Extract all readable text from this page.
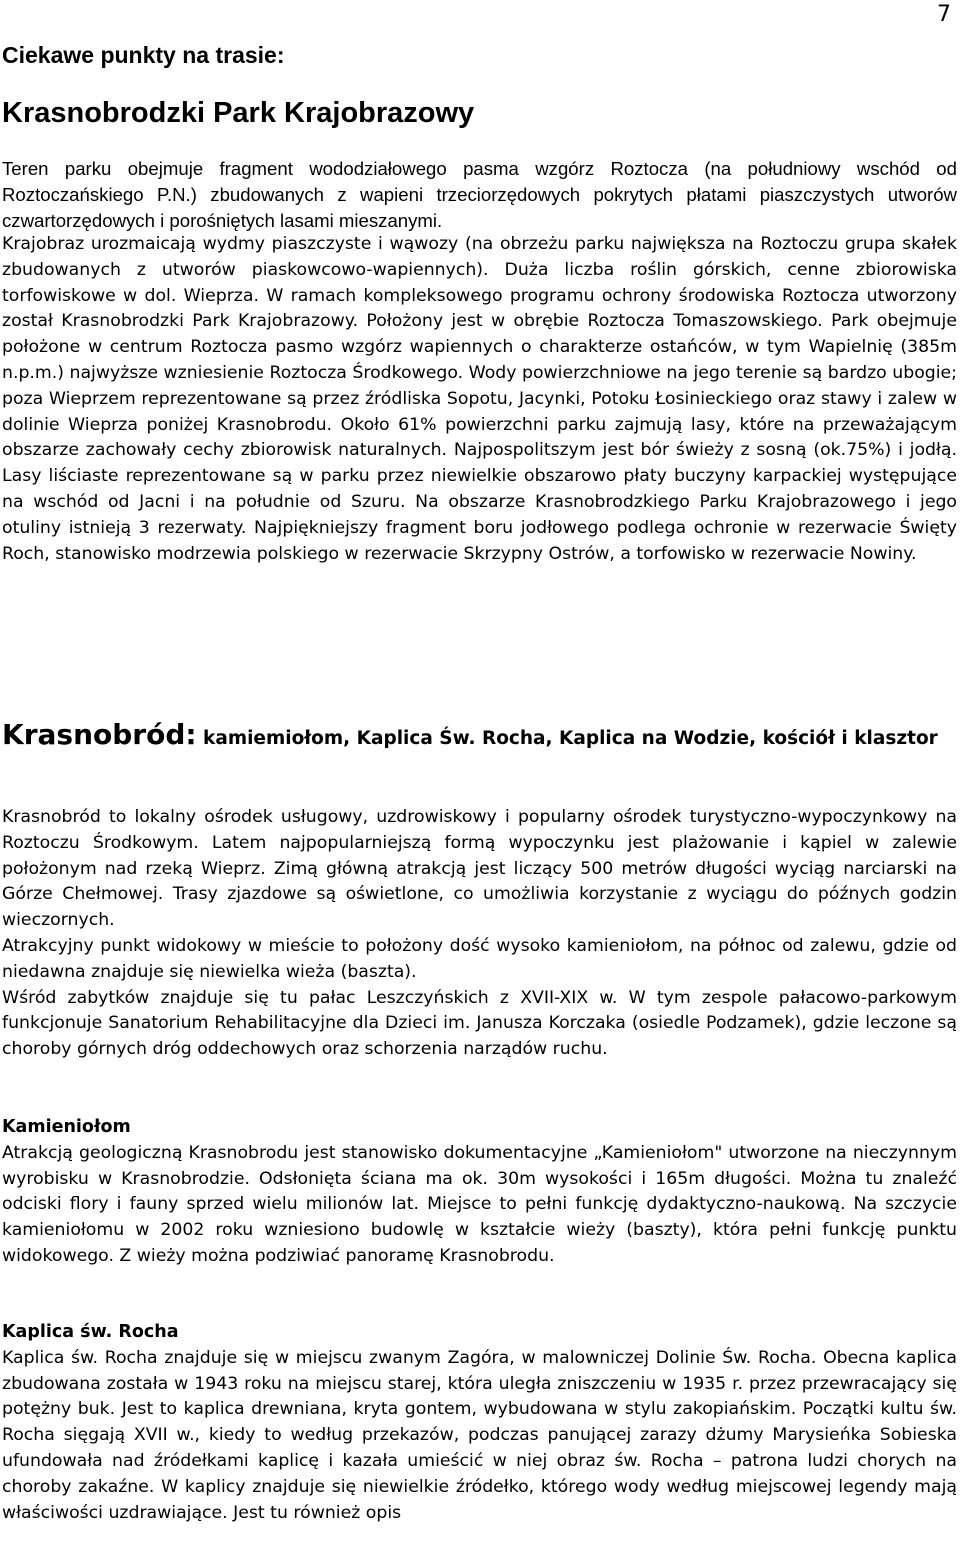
7
Ciekawe punkty na trasie:
Krasnobrodzki Park Krajobrazowy

Teren parku obejmuje fragment wododziałowego pasma wzgórz Roztocza (na południowy wschód od Roztoczańskiego P.N.) zbudowanych z wapieni trzeciorzędowych pokrytych płatami piaszczystych utworów czwartorzędowych i porośniętych lasami mieszanymi.

Krajobraz urozmaicają wydmy piaszczyste i wąwozy (na obrzeżu parku największa na Roztoczu grupa skałek zbudowanych z utworów piaskowcowo-wapiennych). Duża liczba roślin górskich, cenne zbiorowiska torfowiskowe w dol. Wieprza. W ramach kompleksowego programu ochrony środowiska Roztocza utworzony został Krasnobrodzki Park Krajobrazowy. Położony jest w obrębie Roztocza Tomaszowskiego. Park obejmuje położone w centrum Roztocza pasmo wzgórz wapiennych o charakterze ostańców, w tym Wapielnię (385m n.p.m.) najwyższe wzniesienie Roztocza Środkowego. Wody powierzchniowe na jego terenie są bardzo ubogie; poza Wieprzem reprezentowane są przez źródliska Sopotu, Jacynki, Potoku Łosinieckiego oraz stawy i zalew w dolinie Wieprza poniżej Krasnobrodu. Około 61% powierzchni parku zajmują lasy, które na przeważającym obszarze zachowały cechy zbiorowisk naturalnych. Najpospolitszym jest bór świeży z sosną (ok.75%) i jodłą. Lasy liściaste reprezentowane są w parku przez niewielkie obszarowo płaty buczyny karpackiej występujące na wschód od Jacni i na południe od Szuru. Na obszarze Krasnobrodzkiego Parku Krajobrazowego i jego otuliny istnieją 3 rezerwaty. Najpiękniejszy fragment boru jodłowego podlega ochronie w rezerwacie Święty Roch, stanowisko modrzewia polskiego w rezerwacie Skrzypny Ostrów, a torfowisko w rezerwacie Nowiny.

Krasnobród: kamiemiołom, Kaplica Św. Rocha, Kaplica na Wodzie, kościół i klasztor

Krasnobród to lokalny ośrodek usługowy, uzdrowiskowy i popularny ośrodek turystyczno-wypoczynkowy na Roztoczu Środkowym. Latem najpopularniejszą formą wypoczynku jest plażowanie i kąpiel w zalewie położonym nad rzeką Wieprz. Zimą główną atrakcją jest liczący 500 metrów długości wyciąg narciarski na Górze Chełmowej. Trasy zjazdowe są oświetlone, co umożliwia korzystanie z wyciągu do późnych godzin wieczornych.

Atrakcyjny punkt widokowy w mieście to położony dość wysoko kamieniołom, na północ od zalewu, gdzie od niedawna znajduje się niewielka wieża (baszta).

Wśród zabytków znajduje się tu pałac Leszczyńskich z XVII-XIX w. W tym zespole pałacowo-parkowym funkcjonuje Sanatorium Rehabilitacyjne dla Dzieci im. Janusza Korczaka (osiedle Podzamek), gdzie leczone są choroby górnych dróg oddechowych oraz schorzenia narządów ruchu.

Kamieniołom

Atrakcją geologiczną Krasnobrodu jest stanowisko dokumentacyjne „Kamieniołom" utworzone na nieczynnym wyrobisku w Krasnobrodzie. Odsłonięta ściana ma ok. 30m wysokości i 165m długości. Można tu znaleźć odciski flory i fauny sprzed wielu milionów lat. Miejsce to pełni funkcję dydaktyczno-naukową. Na szczycie kamieniołomu w 2002 roku wzniesiono budowlę w kształcie wieży (baszty), która pełni funkcję punktu widokowego. Z wieży można podziwiać panoramę Krasnobrodu.

Kaplica św. Rocha

Kaplica św. Rocha znajduje się w miejscu zwanym Zagóra, w malowniczej Dolinie Św. Rocha. Obecna kaplica zbudowana została w 1943 roku na miejscu starej, która uległa zniszczeniu w 1935 r. przez przewracający się potężny buk. Jest to kaplica drewniana, kryta gontem, wybudowana w stylu zakopiańskim. Początki kultu św. Rocha sięgają XVII w., kiedy to według przekazów, podczas panującej zarazy dżumy Marysieńka Sobieska ufundowała nad źródełkami kaplicę i kazała umieścić w niej obraz św. Rocha – patrona ludzi chorych na choroby zakaźne. W kaplicy znajduje się niewielkie źródełko, którego wody według miejscowej legendy mają właściwości uzdrawiające. Jest tu również opis
